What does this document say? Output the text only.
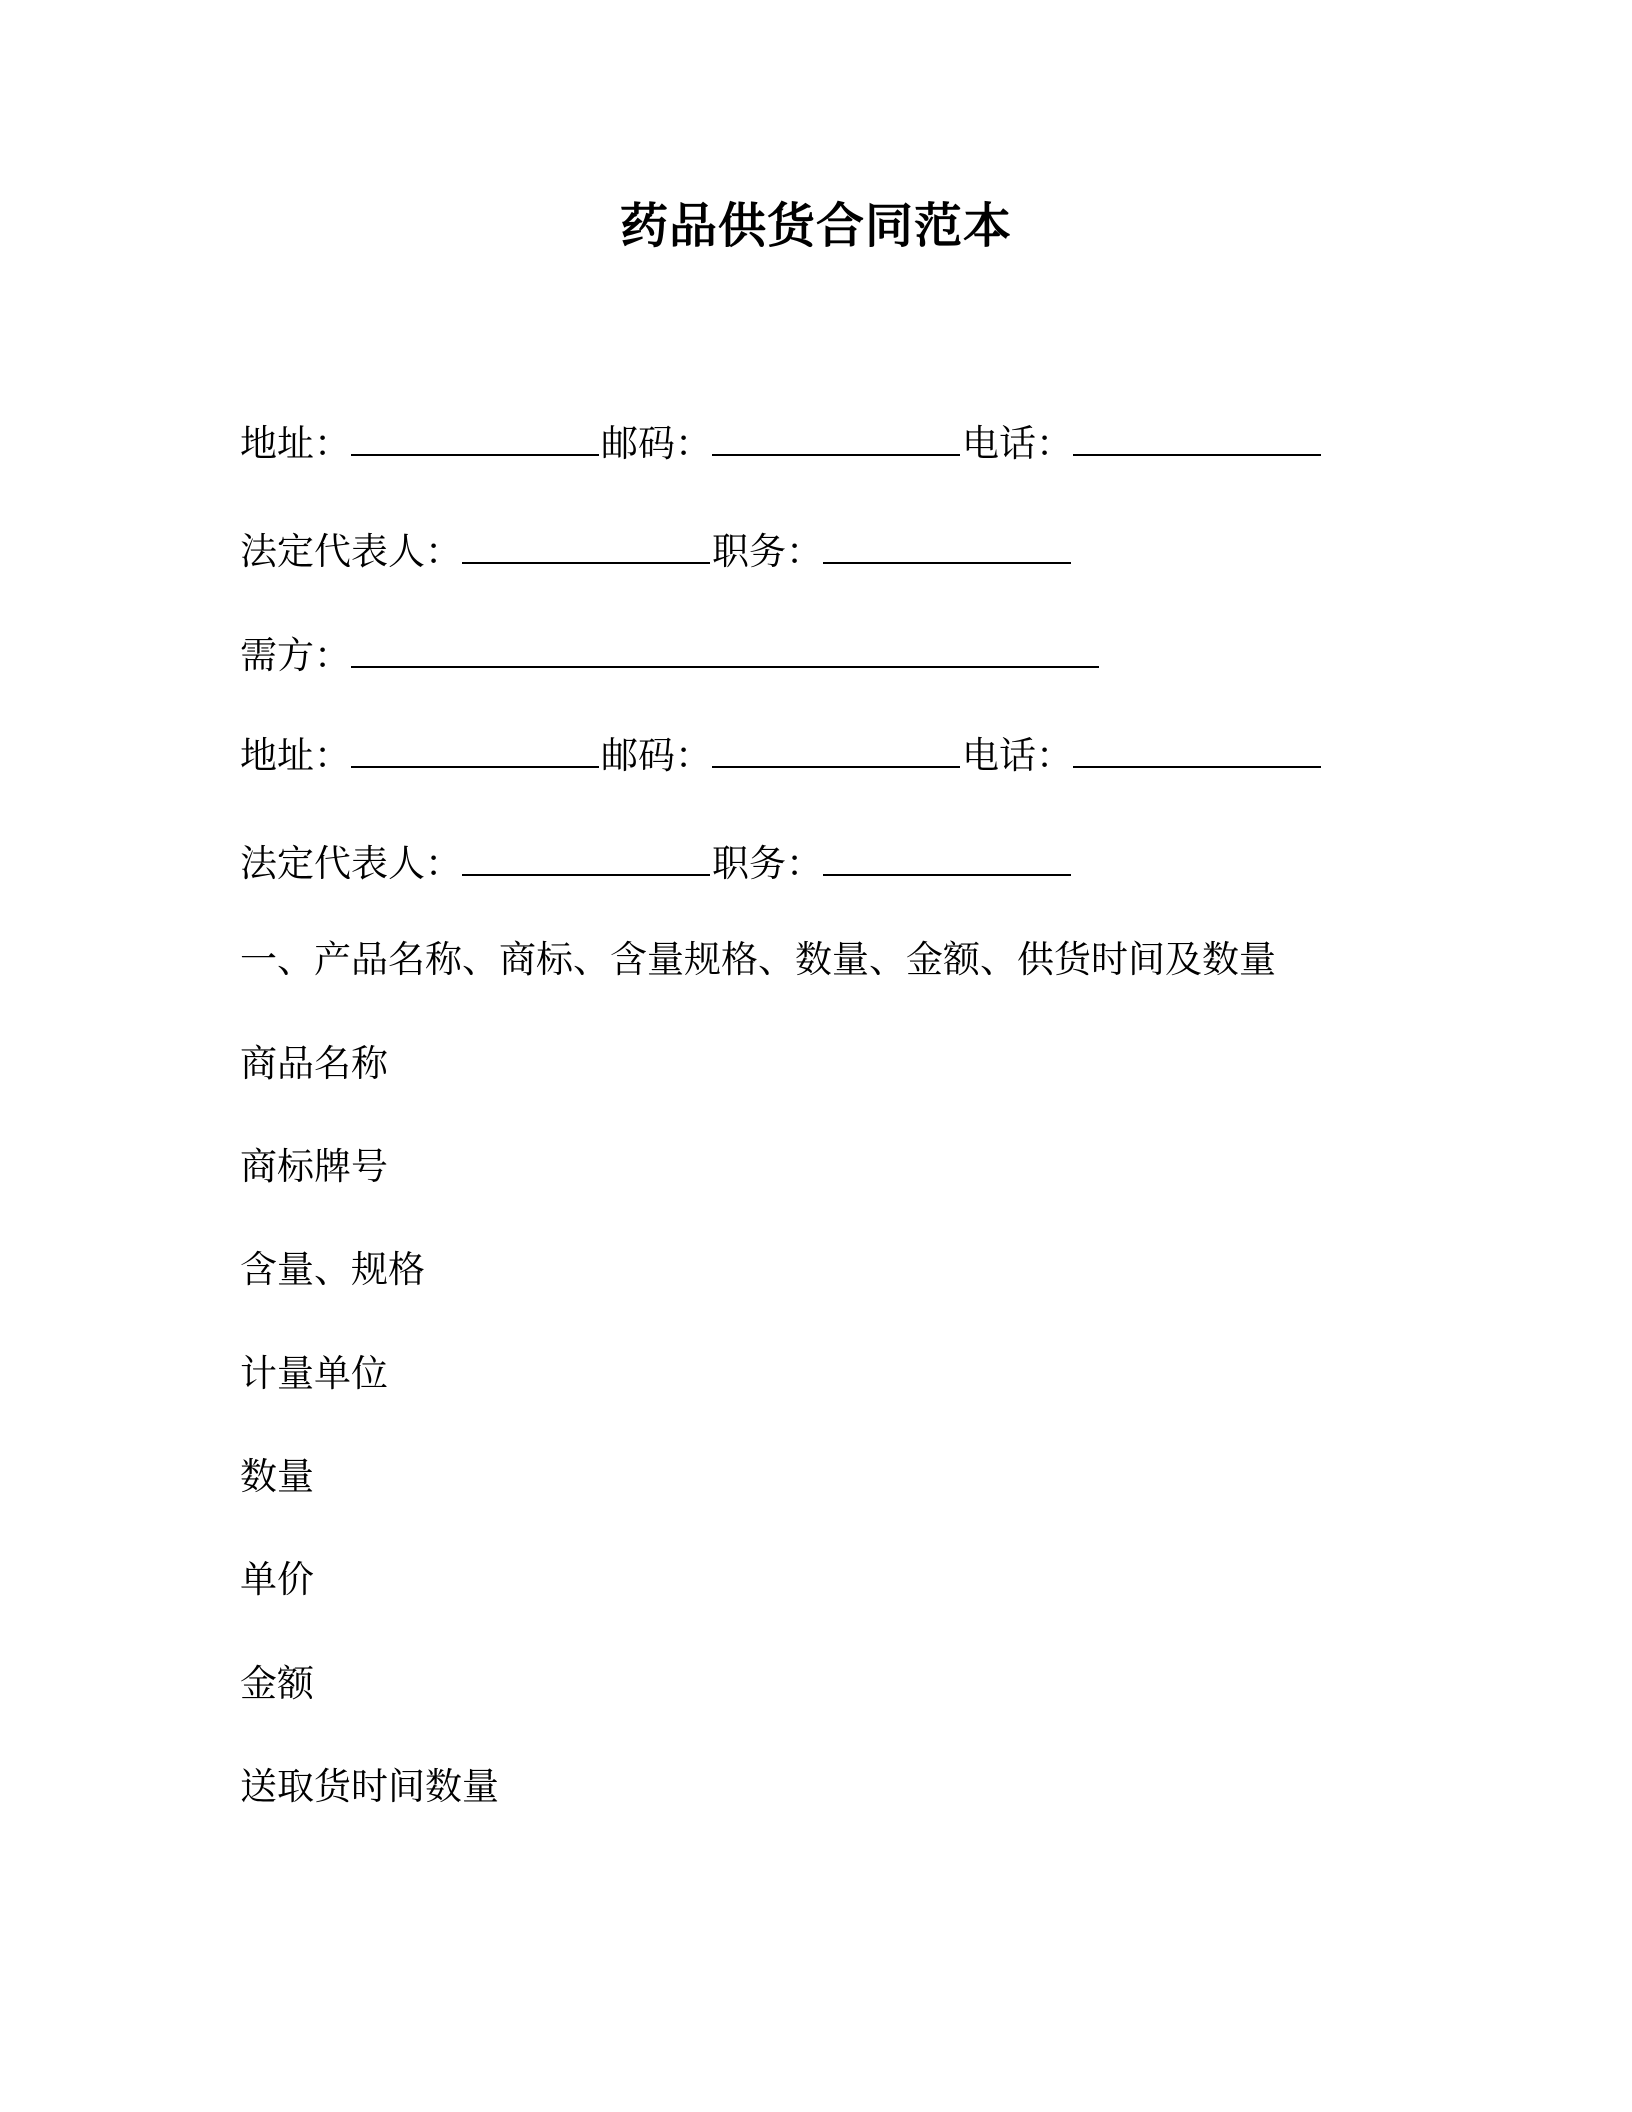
药品供货合同范本
地址：	邮码：	电话：
法定代表人：	职务：
需方：
地址：	邮码：	电话：
法定代表人：	职务：
一、产品名称、商标、含量规格、数量、金额、供货时间及数量
商品名称
商标牌号
含量、规格
计量单位
数量
单价
金额
送取货时间数量
